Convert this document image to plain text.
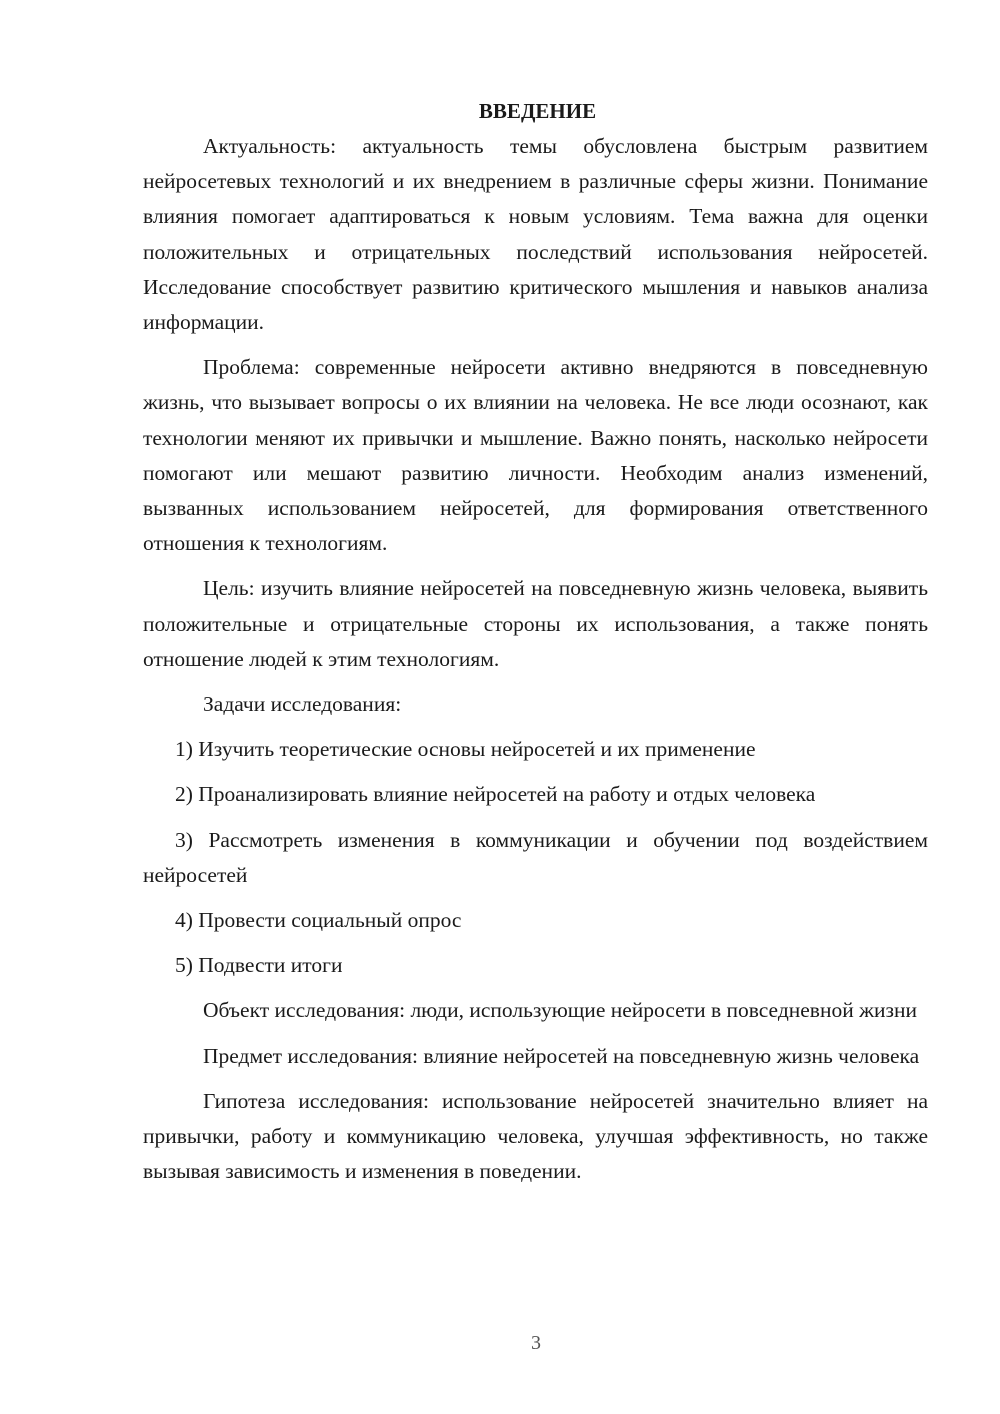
ВВЕДЕНИЕ

Актуальность: актуальность темы обусловлена быстрым развитием нейросетевых технологий и их внедрением в различные сферы жизни. Понимание влияния помогает адаптироваться к новым условиям. Тема важна для оценки положительных и отрицательных последствий использования нейросетей. Исследование способствует развитию критического мышления и навыков анализа информации.

Проблема: современные нейросети активно внедряются в повседневную жизнь, что вызывает вопросы о их влиянии на человека. Не все люди осознают, как технологии меняют их привычки и мышление. Важно понять, насколько нейросети помогают или мешают развитию личности. Необходим анализ изменений, вызванных использованием нейросетей, для формирования ответственного отношения к технологиям.

Цель: изучить влияние нейросетей на повседневную жизнь человека, выявить положительные и отрицательные стороны их использования, а также понять отношение людей к этим технологиям.

Задачи исследования:

1) Изучить теоретические основы нейросетей и их применение

2) Проанализировать влияние нейросетей на работу и отдых человека

3) Рассмотреть изменения в коммуникации и обучении под воздействием нейросетей

4) Провести социальный опрос

5) Подвести итоги

Объект исследования: люди, использующие нейросети в повседневной жизни

Предмет исследования: влияние нейросетей на повседневную жизнь человека

Гипотеза исследования: использование нейросетей значительно влияет на привычки, работу и коммуникацию человека, улучшая эффективность, но также вызывая зависимость и изменения в поведении.

3
